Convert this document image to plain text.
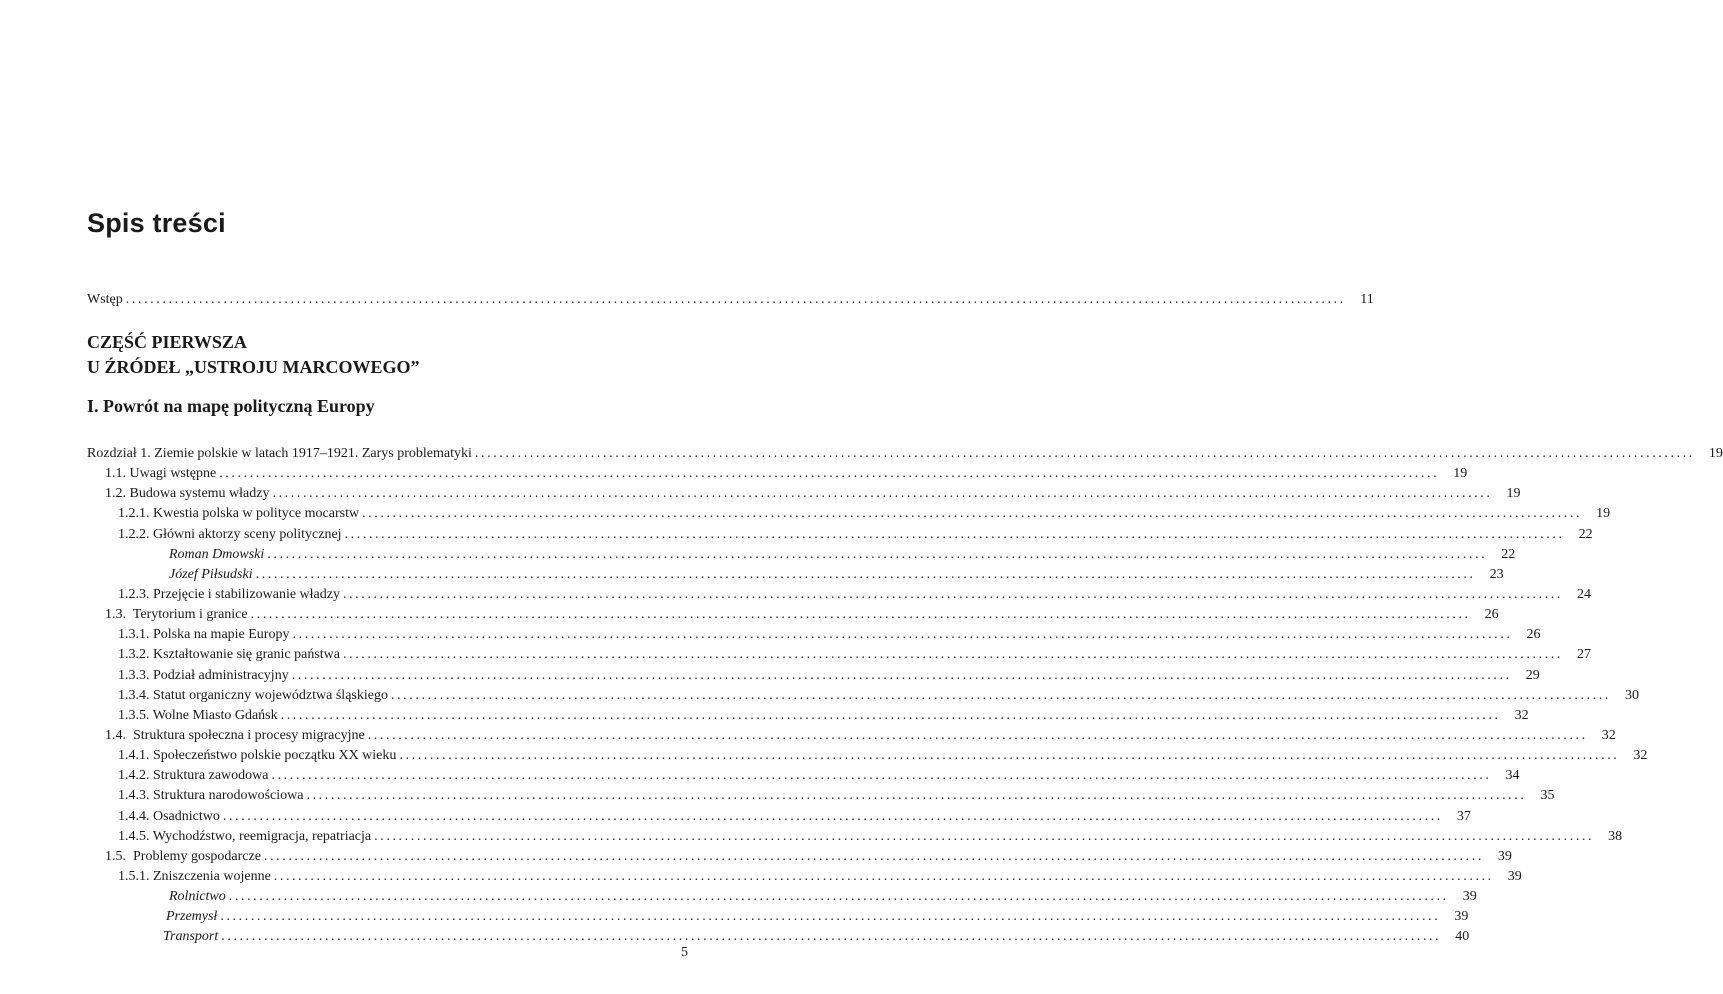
Spis treści
Wstęp ........................................................................................................................................................................................................	11
CZĘŚĆ PIERWSZA
U ŹRÓDEŁ „USTROJU MARCOWEGO”
I. Powrót na mapę polityczną Europy
Rozdział 1. Ziemie polskie w latach 1917–1921. Zarys problematyki ........................................................................................................................................................................................................	19
1.1. Uwagi wstępne ........................................................................................................................................................................................................	19
1.2. Budowa systemu władzy ........................................................................................................................................................................................................	19
1.2.1. Kwestia polska w polityce mocarstw ........................................................................................................................................................................................................	19
1.2.2. Główni aktorzy sceny politycznej ........................................................................................................................................................................................................	22
Roman Dmowski ........................................................................................................................................................................................................	22
Józef Piłsudski ........................................................................................................................................................................................................	23
1.2.3. Przejęcie i stabilizowanie władzy ........................................................................................................................................................................................................	24
1.3.  Terytorium i granice ........................................................................................................................................................................................................	26
1.3.1. Polska na mapie Europy ........................................................................................................................................................................................................	26
1.3.2. Kształtowanie się granic państwa ........................................................................................................................................................................................................	27
1.3.3. Podział administracyjny ........................................................................................................................................................................................................	29
1.3.4. Statut organiczny województwa śląskiego ........................................................................................................................................................................................................	30
1.3.5. Wolne Miasto Gdańsk ........................................................................................................................................................................................................	32
1.4.  Struktura społeczna i procesy migracyjne ........................................................................................................................................................................................................	32
1.4.1. Społeczeństwo polskie początku XX wieku ........................................................................................................................................................................................................	32
1.4.2. Struktura zawodowa ........................................................................................................................................................................................................	34
1.4.3. Struktura narodowościowa ........................................................................................................................................................................................................	35
1.4.4. Osadnictwo ........................................................................................................................................................................................................	37
1.4.5. Wychodźstwo, reemigracja, repatriacja ........................................................................................................................................................................................................	38
1.5.  Problemy gospodarcze ........................................................................................................................................................................................................	39
1.5.1. Zniszczenia wojenne ........................................................................................................................................................................................................	39
Rolnictwo ........................................................................................................................................................................................................	39
Przemysł ........................................................................................................................................................................................................	39
Transport ........................................................................................................................................................................................................	40
5
